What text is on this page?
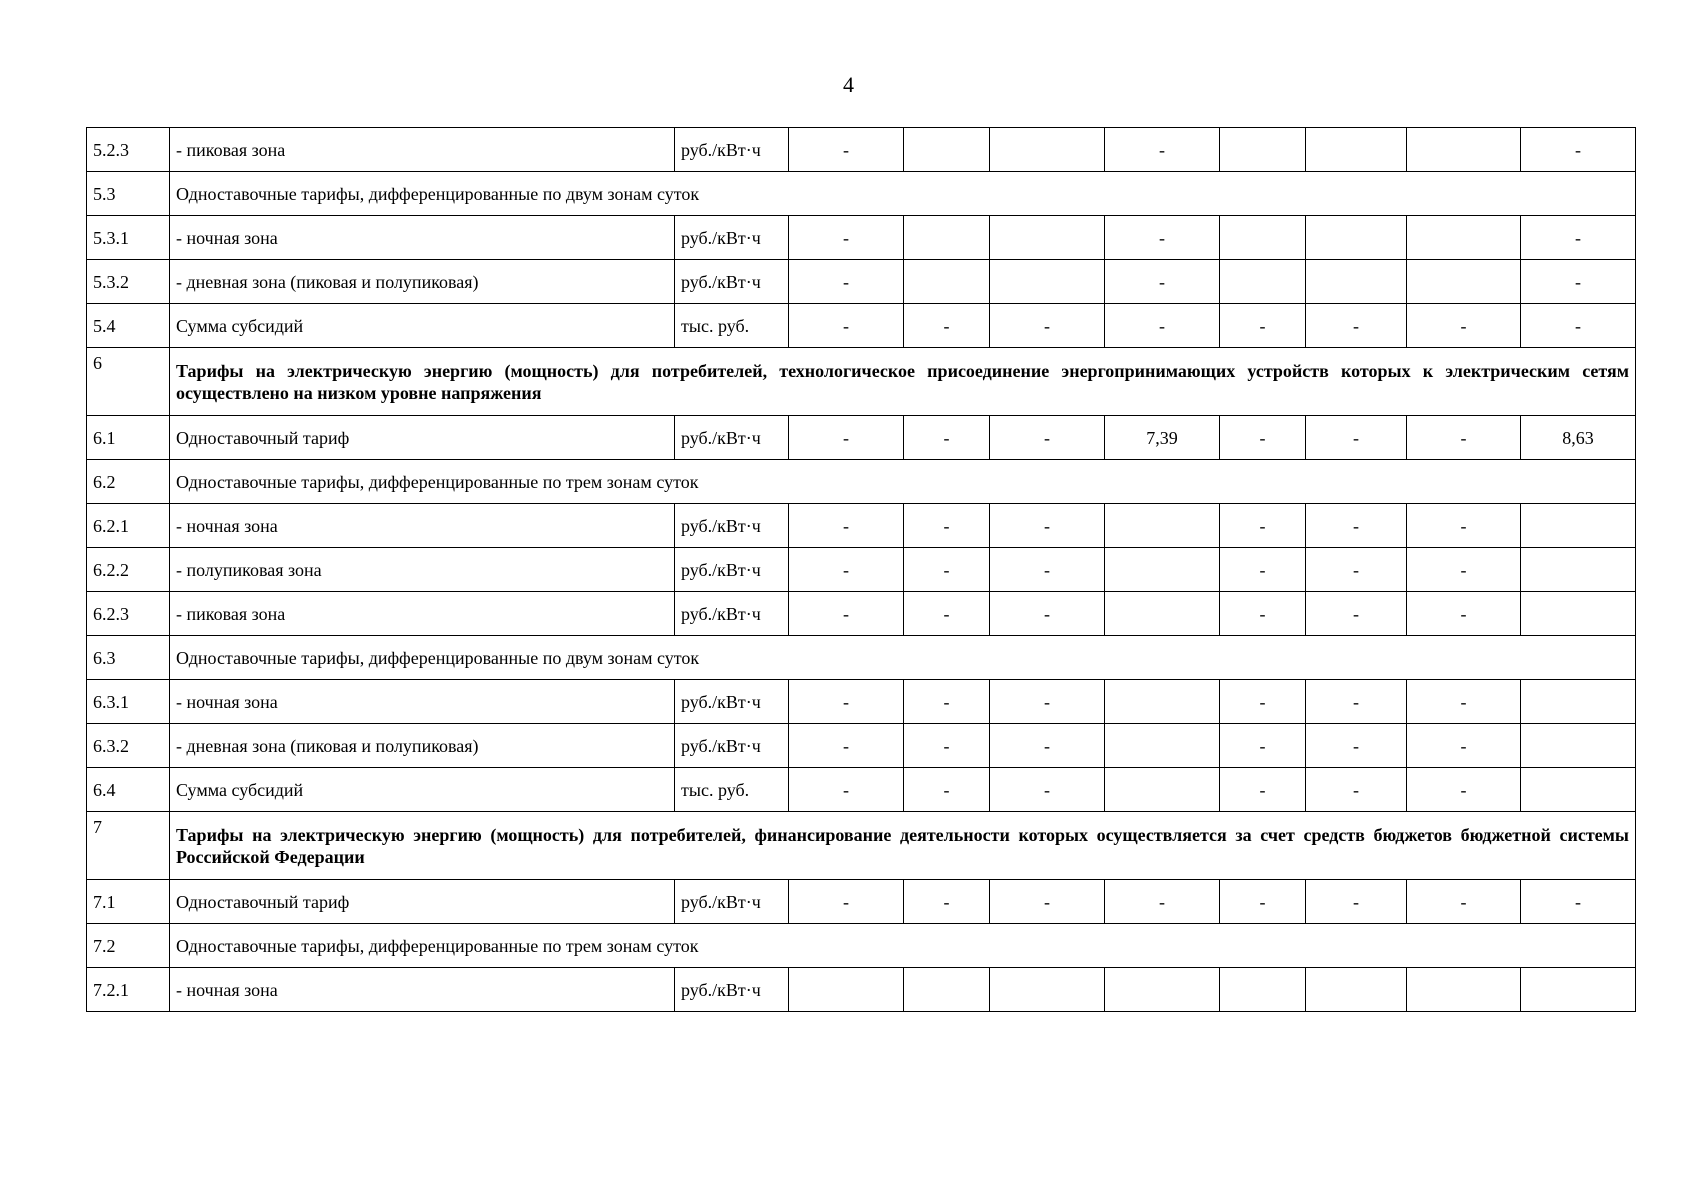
4
5.2.3	- пиковая зона	руб./кВт·ч	-			-				-
5.3	Одноставочные тарифы, дифференцированные по двум зонам суток									
5.3.1	- ночная зона	руб./кВт·ч	-			-				-
5.3.2	- дневная зона (пиковая и полупиковая)	руб./кВт·ч	-			-				-
5.4	Сумма субсидий	тыс. руб.	-	-	-	-	-	-	-	-
6	Тарифы на электрическую энергию (мощность) для потребителей, технологическое присоединение энергопринимающих устройств которых к электрическим сетям осуществлено на низком уровне напряжения									
6.1	Одноставочный тариф	руб./кВт·ч	-	-	-	7,39	-	-	-	8,63
6.2	Одноставочные тарифы, дифференцированные по трем зонам суток									
6.2.1	- ночная зона	руб./кВт·ч	-	-	-		-	-	-	
6.2.2	- полупиковая зона	руб./кВт·ч	-	-	-		-	-	-	
6.2.3	- пиковая зона	руб./кВт·ч	-	-	-		-	-	-	
6.3	Одноставочные тарифы, дифференцированные по двум зонам суток									
6.3.1	- ночная зона	руб./кВт·ч	-	-	-		-	-	-	
6.3.2	- дневная зона (пиковая и полупиковая)	руб./кВт·ч	-	-	-		-	-	-	
6.4	Сумма субсидий	тыс. руб.	-	-	-		-	-	-	
7	Тарифы на электрическую энергию (мощность) для потребителей, финансирование деятельности которых осуществляется за счет средств бюджетов бюджетной системы Российской Федерации									
7.1	Одноставочный тариф	руб./кВт·ч	-	-	-	-	-	-	-	-
7.2	Одноставочные тарифы, дифференцированные по трем зонам суток									
7.2.1	- ночная зона	руб./кВт·ч								
